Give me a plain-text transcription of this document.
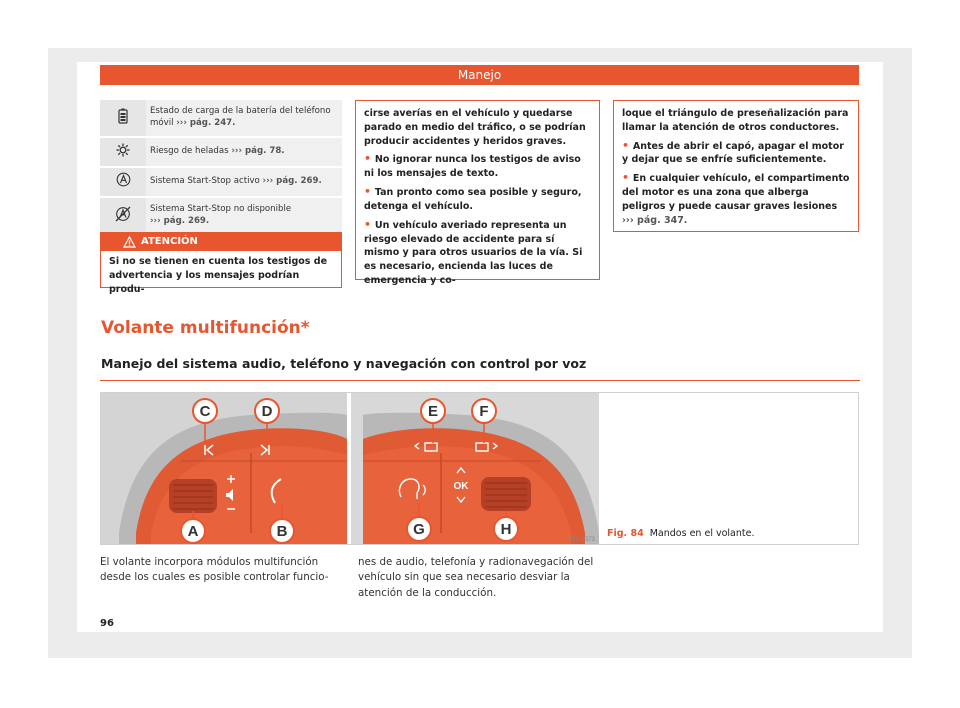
Manejo
	Estado de carga de la batería del teléfono móvil ››› pág. 247.
	Riesgo de heladas ››› pág. 78.
	Sistema Start-Stop activo ››› pág. 269.
	Sistema Start-Stop no disponible
››› pág. 269.
ATENCIÓN

Si no se tienen en cuenta los testigos de advertencia y los mensajes podrían produ-

cirse averías en el vehículo y quedarse parado en medio del tráfico, o se podrían producir accidentes y heridos graves.

• No ignorar nunca los testigos de aviso ni los mensajes de texto.

• Tan pronto como sea posible y seguro, detenga el vehículo.

• Un vehículo averiado representa un riesgo elevado de accidente para sí mismo y para otros usuarios de la vía. Si es necesario, encienda las luces de emergencia y co-

loque el triángulo de preseñalización para llamar la atención de otros conductores.

• Antes de abrir el capó, apagar el motor y dejar que se enfríe suficientemente.

• En cualquier vehículo, el compartimento del motor es una zona que alberga peligros y puede causar graves lesiones
››› pág. 347.

Volante multifunción*
Manejo del sistema audio, teléfono y navegación con control por voz
C	D
A	B
OK
6JA-0373
E	F
G	H	Fig. 84 Mandos en el volante.
El volante incorpora módulos multifunción desde los cuales es posible controlar funcio-
nes de audio, telefonía y radionavegación del vehículo sin que sea necesario desviar la atención de la conducción.
96
